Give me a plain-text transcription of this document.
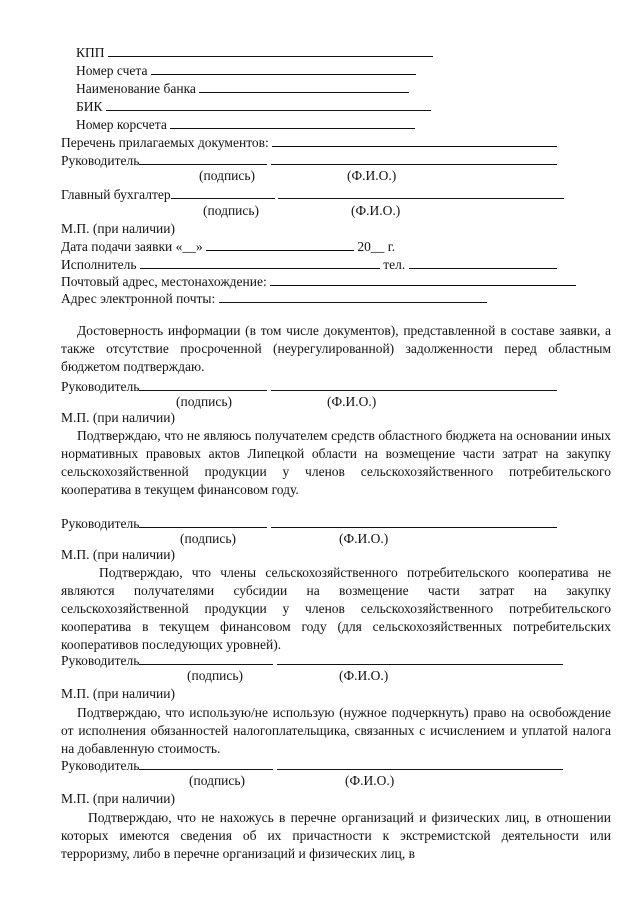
КПП
Номер счета
Наименование банка
БИК
Номер корсчета
Перечень прилагаемых документов:
Руководитель
(подпись)	(Ф.И.О.)
Главный бухгалтер
(подпись)	(Ф.И.О.)
М.П. (при наличии)
Дата подачи заявки «__»	20__ г.
Исполнитель	тел.
Почтовый адрес, местонахождение:
Адрес электронной почты:
Достоверность информации (в том числе документов), представленной в составе заявки, а также отсутствие просроченной (неурегулированной) задолженности перед областным бюджетом подтверждаю.
Руководитель
(подпись)	(Ф.И.О.)
М.П. (при наличии)
Подтверждаю, что не являюсь получателем средств областного бюджета на основании иных нормативных правовых актов Липецкой области на возмещение части затрат на закупку сельскохозяйственной продукции у членов сельскохозяйственного потребительского кооператива в текущем финансовом году.
Руководитель
(подпись)	(Ф.И.О.)
М.П. (при наличии)
Подтверждаю, что члены сельскохозяйственного потребительского кооператива не являются получателями субсидии на возмещение части затрат на закупку сельскохозяйственной продукции у членов сельскохозяйственного потребительского кооператива в текущем финансовом году (для сельскохозяйственных потребительских кооперативов последующих уровней).
Руководитель
(подпись)	(Ф.И.О.)
М.П. (при наличии)
Подтверждаю, что использую/не использую (нужное подчеркнуть) право на освобождение от исполнения обязанностей налогоплательщика, связанных с исчислением и уплатой налога на добавленную стоимость.
Руководитель
(подпись)	(Ф.И.О.)
М.П. (при наличии)
Подтверждаю, что не нахожусь в перечне организаций и физических лиц, в отношении которых имеются сведения об их причастности к экстремистской деятельности или терроризму, либо в перечне организаций и физических лиц, в
